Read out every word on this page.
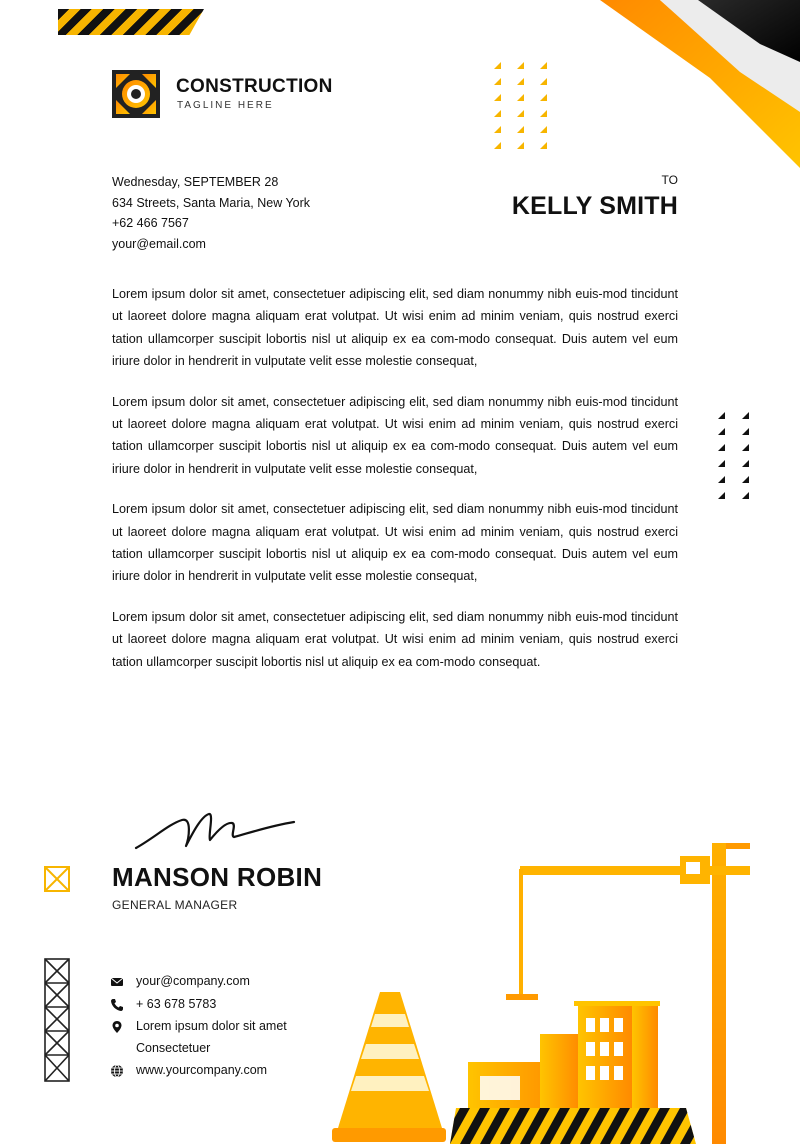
CONSTRUCTION
TAGLINE HERE
Wednesday, SEPTEMBER 28
634 Streets, Santa Maria, New York
+62 466 7567
your@email.com
TO
KELLY SMITH

Lorem ipsum dolor sit amet, consectetuer adipiscing elit, sed diam nonummy nibh euis-mod tincidunt ut laoreet dolore magna aliquam erat volutpat. Ut wisi enim ad minim veniam, quis nostrud exerci tation ullamcorper suscipit lobortis nisl ut aliquip ex ea com-modo consequat. Duis autem vel eum iriure dolor in hendrerit in vulputate velit esse molestie consequat,

Lorem ipsum dolor sit amet, consectetuer adipiscing elit, sed diam nonummy nibh euis-mod tincidunt ut laoreet dolore magna aliquam erat volutpat. Ut wisi enim ad minim veniam, quis nostrud exerci tation ullamcorper suscipit lobortis nisl ut aliquip ex ea com-modo consequat. Duis autem vel eum iriure dolor in hendrerit in vulputate velit esse molestie consequat,

Lorem ipsum dolor sit amet, consectetuer adipiscing elit, sed diam nonummy nibh euis-mod tincidunt ut laoreet dolore magna aliquam erat volutpat. Ut wisi enim ad minim veniam, quis nostrud exerci tation ullamcorper suscipit lobortis nisl ut aliquip ex ea com-modo consequat. Duis autem vel eum iriure dolor in hendrerit in vulputate velit esse molestie consequat,

Lorem ipsum dolor sit amet, consectetuer adipiscing elit, sed diam nonummy nibh euis-mod tincidunt ut laoreet dolore magna aliquam erat volutpat. Ut wisi enim ad minim veniam, quis nostrud exerci tation ullamcorper suscipit lobortis nisl ut aliquip ex ea com-modo consequat.

MANSON ROBIN
GENERAL MANAGER
your@company.com
+ 63 678 5783
Lorem ipsum dolor sit amet
Consectetuer
www.yourcompany.com
